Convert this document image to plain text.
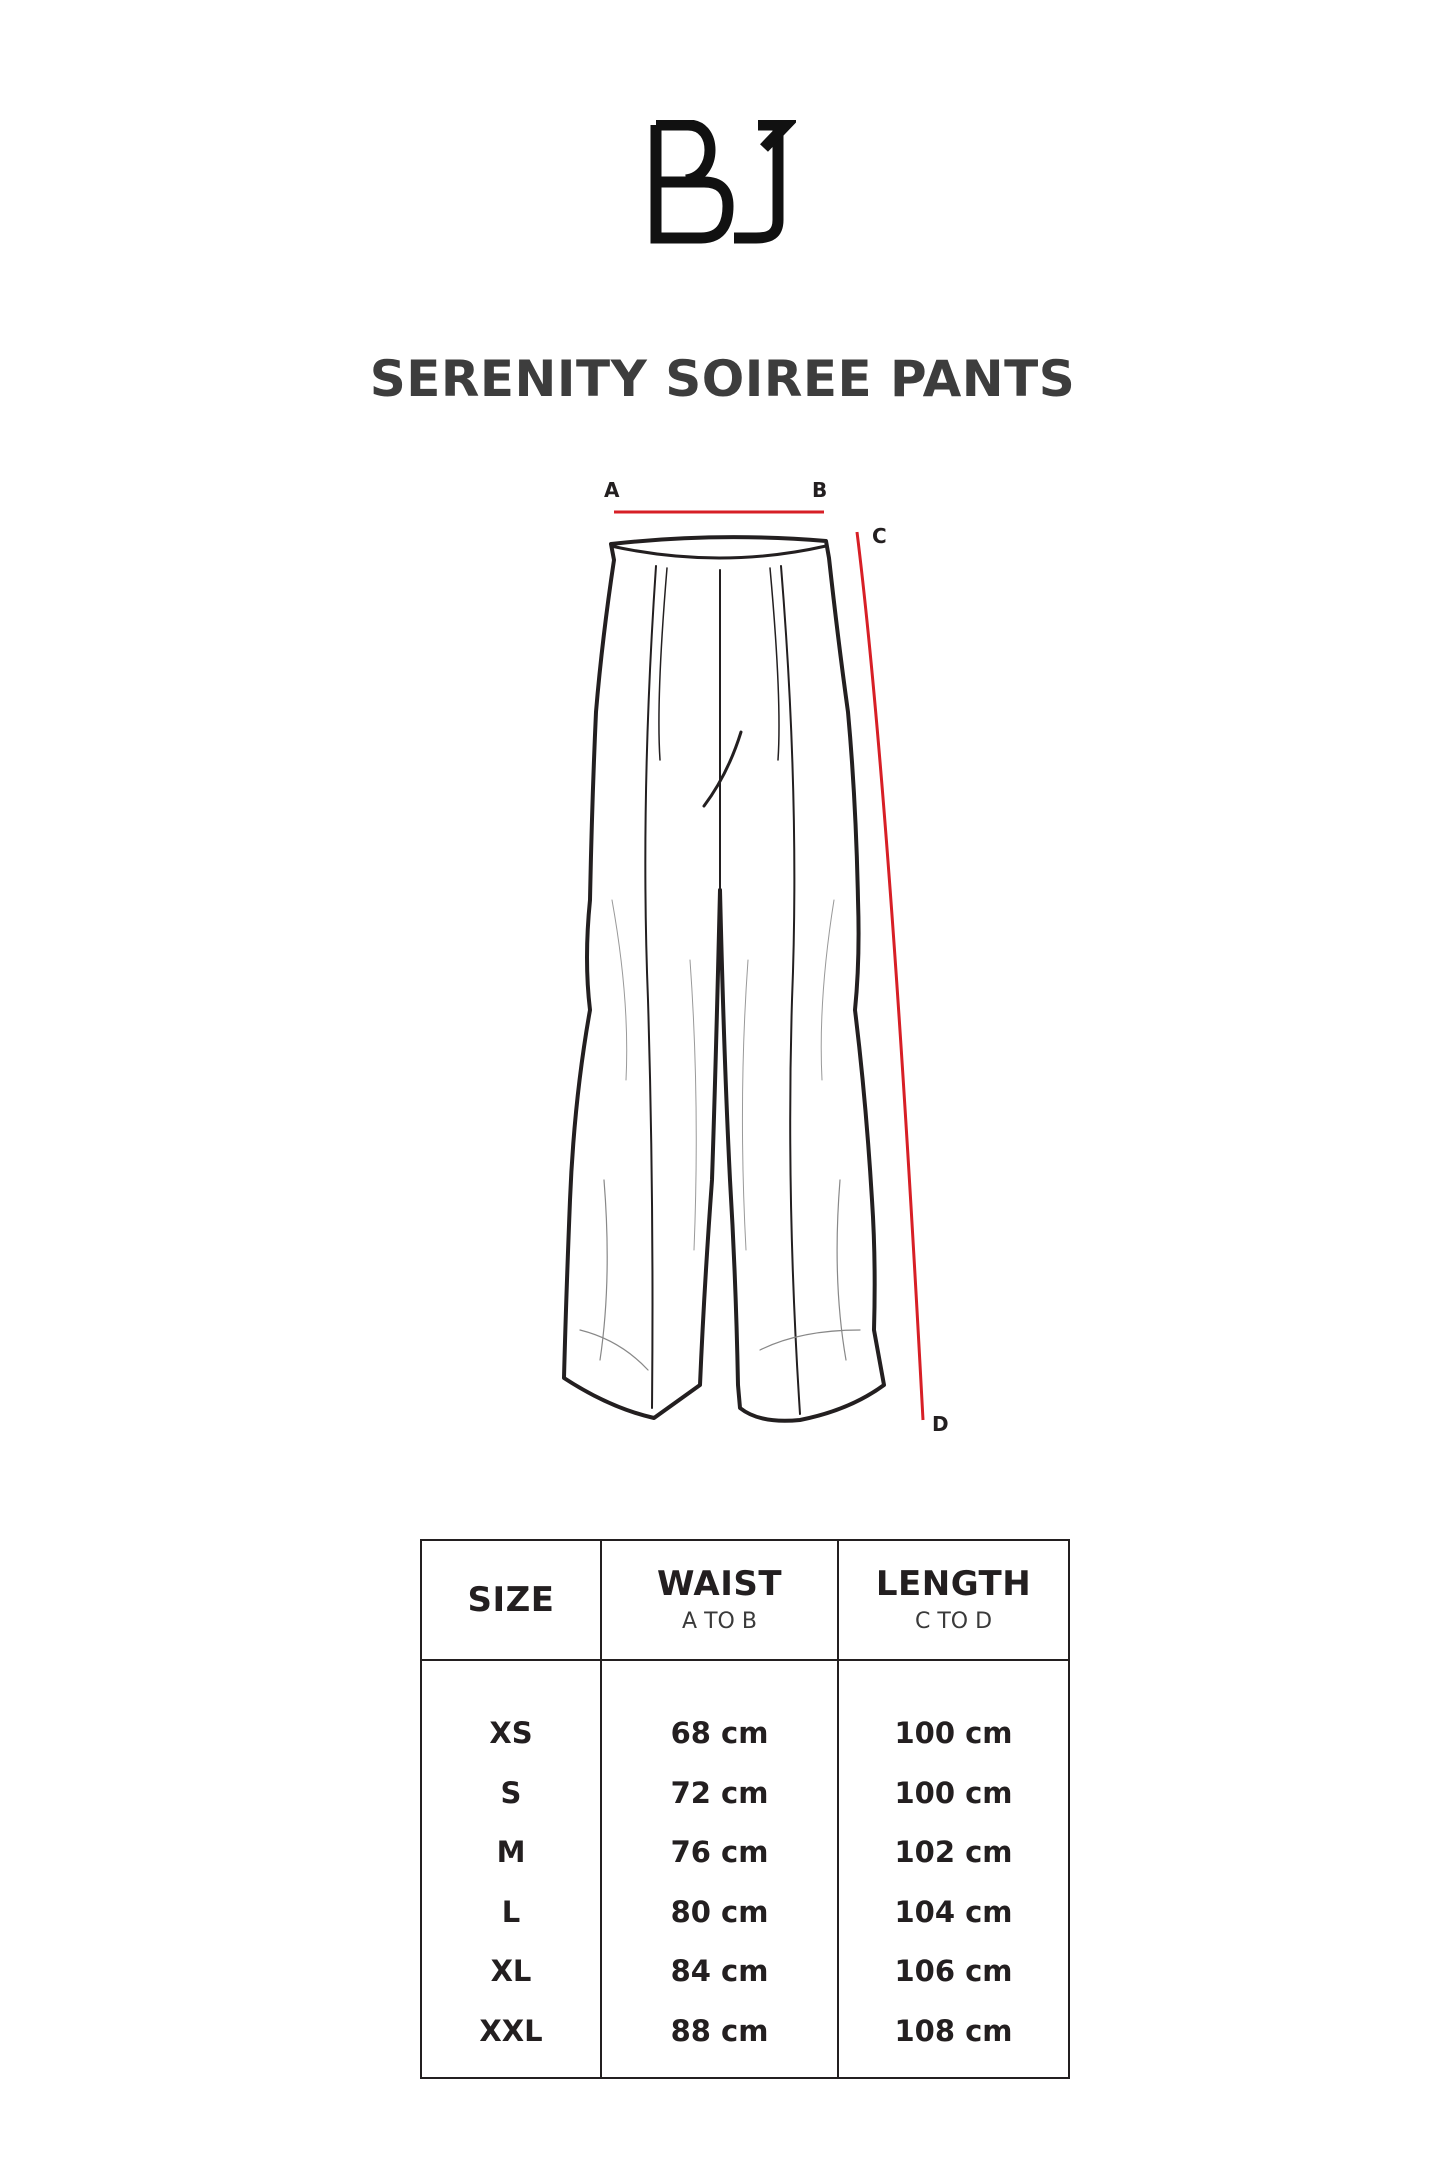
SERENITY SOIREE PANTS
A	B
C
D
SIZE	WAIST
A TO B
LENGTH
C TO D
XS
S
M
L
XL
XXL
68 cm
72 cm
76 cm
80 cm
84 cm
88 cm
100 cm
100 cm
102 cm
104 cm
106 cm
108 cm
